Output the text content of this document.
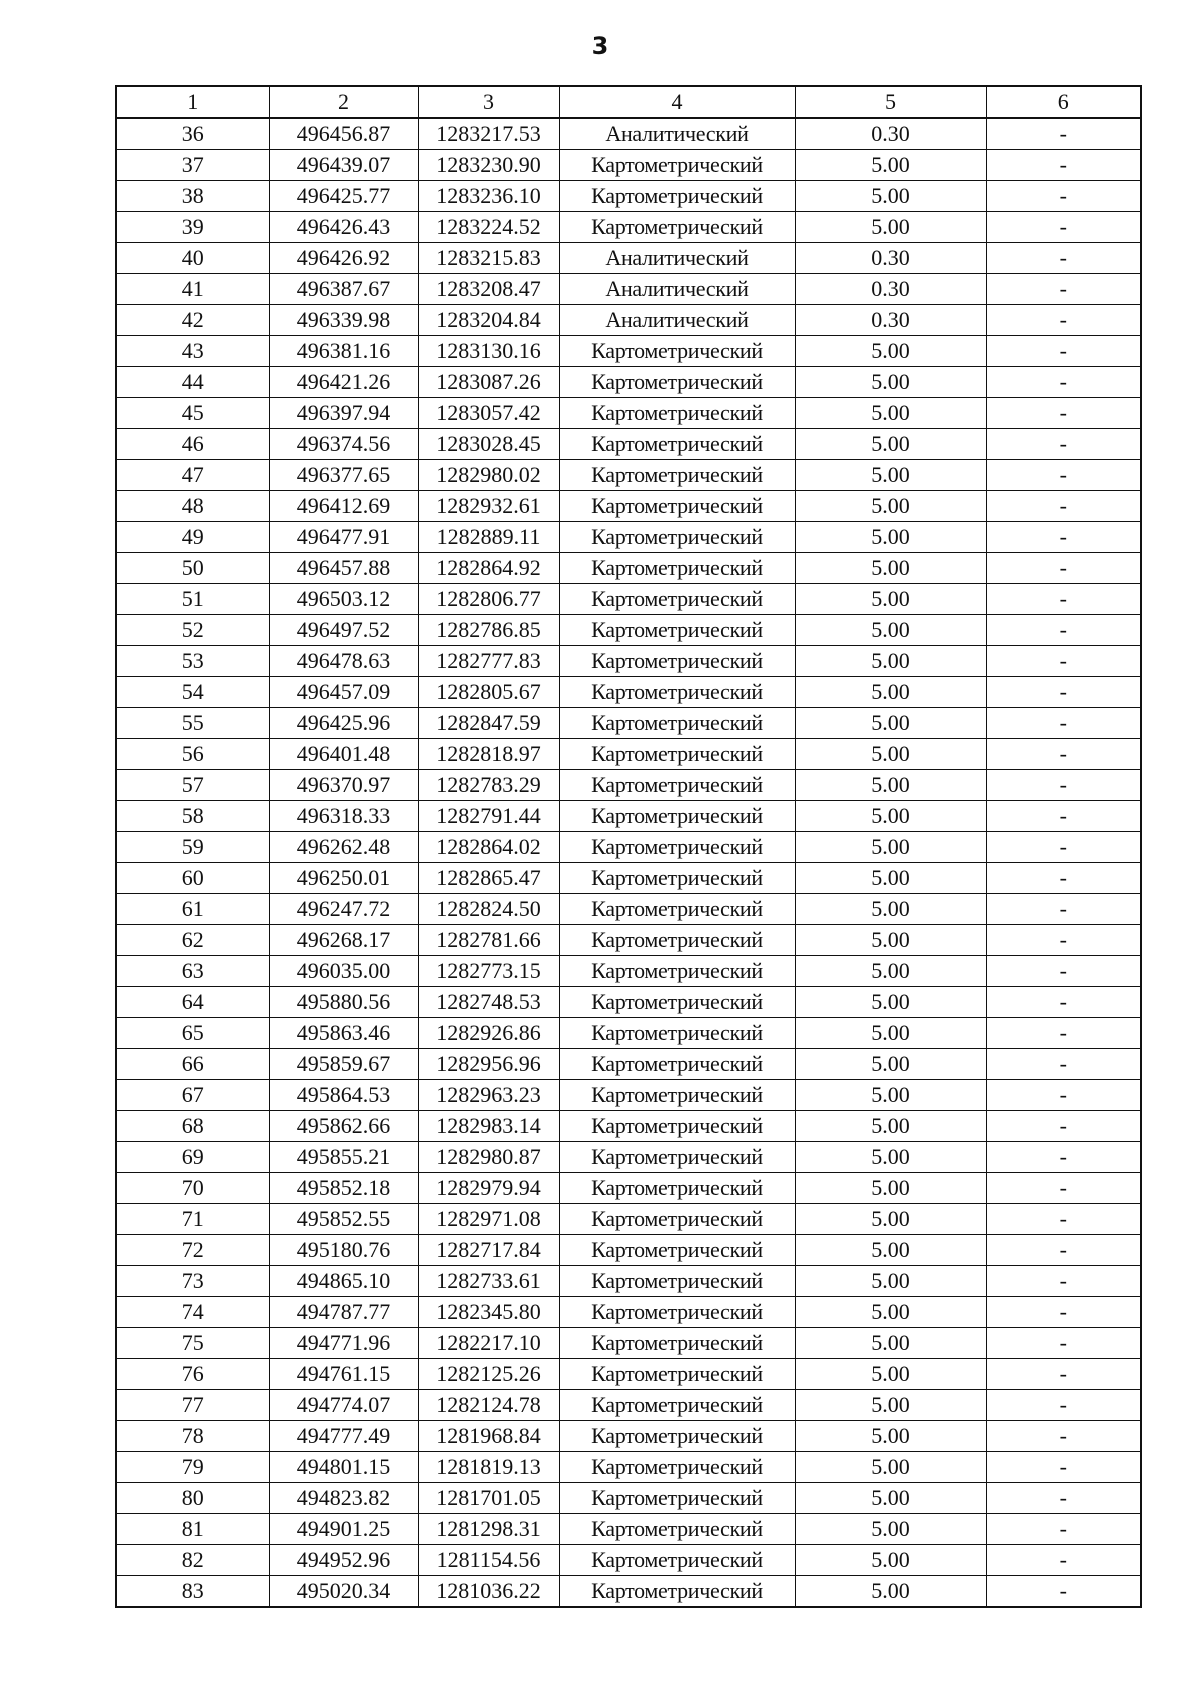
3
1	2	3	4	5	6
36	496456.87	1283217.53	Аналитический	0.30	-
37	496439.07	1283230.90	Картометрический	5.00	-
38	496425.77	1283236.10	Картометрический	5.00	-
39	496426.43	1283224.52	Картометрический	5.00	-
40	496426.92	1283215.83	Аналитический	0.30	-
41	496387.67	1283208.47	Аналитический	0.30	-
42	496339.98	1283204.84	Аналитический	0.30	-
43	496381.16	1283130.16	Картометрический	5.00	-
44	496421.26	1283087.26	Картометрический	5.00	-
45	496397.94	1283057.42	Картометрический	5.00	-
46	496374.56	1283028.45	Картометрический	5.00	-
47	496377.65	1282980.02	Картометрический	5.00	-
48	496412.69	1282932.61	Картометрический	5.00	-
49	496477.91	1282889.11	Картометрический	5.00	-
50	496457.88	1282864.92	Картометрический	5.00	-
51	496503.12	1282806.77	Картометрический	5.00	-
52	496497.52	1282786.85	Картометрический	5.00	-
53	496478.63	1282777.83	Картометрический	5.00	-
54	496457.09	1282805.67	Картометрический	5.00	-
55	496425.96	1282847.59	Картометрический	5.00	-
56	496401.48	1282818.97	Картометрический	5.00	-
57	496370.97	1282783.29	Картометрический	5.00	-
58	496318.33	1282791.44	Картометрический	5.00	-
59	496262.48	1282864.02	Картометрический	5.00	-
60	496250.01	1282865.47	Картометрический	5.00	-
61	496247.72	1282824.50	Картометрический	5.00	-
62	496268.17	1282781.66	Картометрический	5.00	-
63	496035.00	1282773.15	Картометрический	5.00	-
64	495880.56	1282748.53	Картометрический	5.00	-
65	495863.46	1282926.86	Картометрический	5.00	-
66	495859.67	1282956.96	Картометрический	5.00	-
67	495864.53	1282963.23	Картометрический	5.00	-
68	495862.66	1282983.14	Картометрический	5.00	-
69	495855.21	1282980.87	Картометрический	5.00	-
70	495852.18	1282979.94	Картометрический	5.00	-
71	495852.55	1282971.08	Картометрический	5.00	-
72	495180.76	1282717.84	Картометрический	5.00	-
73	494865.10	1282733.61	Картометрический	5.00	-
74	494787.77	1282345.80	Картометрический	5.00	-
75	494771.96	1282217.10	Картометрический	5.00	-
76	494761.15	1282125.26	Картометрический	5.00	-
77	494774.07	1282124.78	Картометрический	5.00	-
78	494777.49	1281968.84	Картометрический	5.00	-
79	494801.15	1281819.13	Картометрический	5.00	-
80	494823.82	1281701.05	Картометрический	5.00	-
81	494901.25	1281298.31	Картометрический	5.00	-
82	494952.96	1281154.56	Картометрический	5.00	-
83	495020.34	1281036.22	Картометрический	5.00	-
